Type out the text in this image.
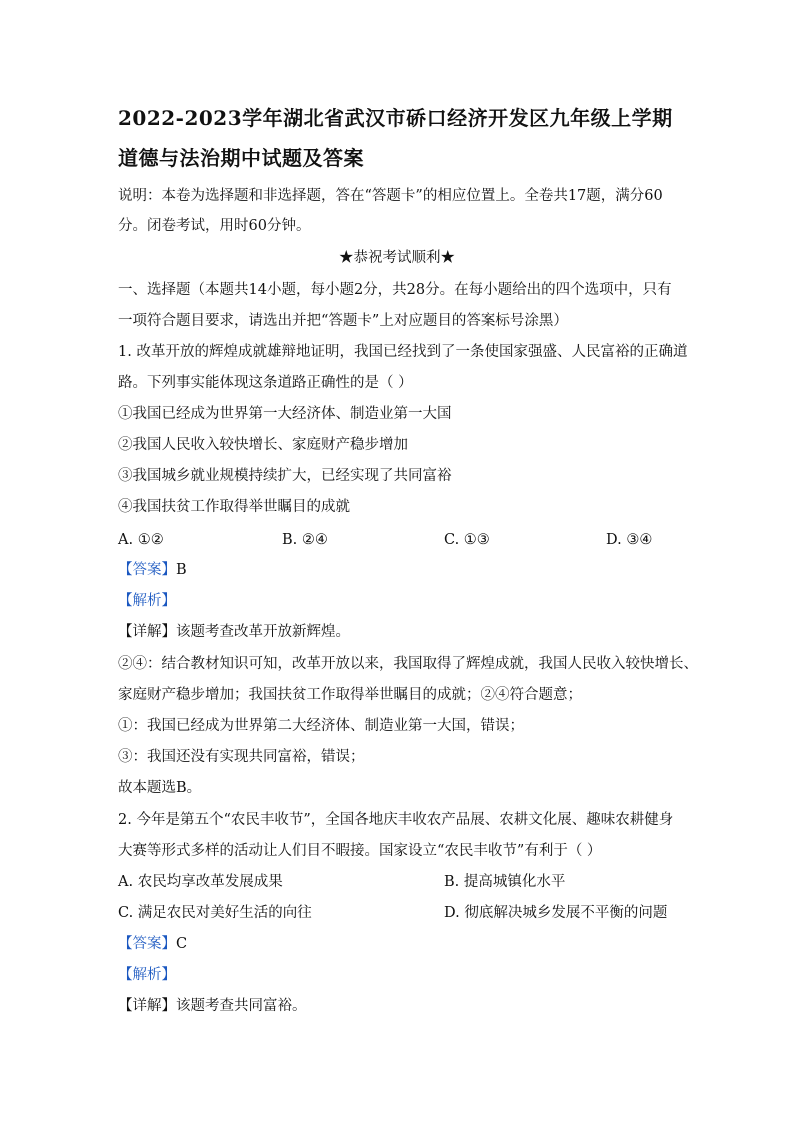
2022-2023学年湖北省武汉市硚口经济开发区九年级上学期
道德与法治期中试题及答案
说明：本卷为选择题和非选择题，答在“答题卡”的相应位置上。全卷共17题，满分60
分。闭卷考试，用时60分钟。
★恭祝考试顺利★
一、选择题（本题共14小题，每小题2分，共28分。在每小题给出的四个选项中，只有
一项符合题目要求，请选出并把“答题卡”上对应题目的答案标号涂黑）
1. 改革开放的辉煌成就雄辩地证明，我国已经找到了一条使国家强盛、人民富裕的正确道
路。下列事实能体现这条道路正确性的是（ ）
①我国已经成为世界第一大经济体、制造业第一大国
②我国人民收入较快增长、家庭财产稳步增加
③我国城乡就业规模持续扩大，已经实现了共同富裕
④我国扶贫工作取得举世瞩目的成就
A. ①②	B. ②④	C. ①③	D. ③④
【答案】B
【解析】
【详解】该题考查改革开放新辉煌。
②④：结合教材知识可知，改革开放以来，我国取得了辉煌成就，我国人民收入较快增长、
家庭财产稳步增加；我国扶贫工作取得举世瞩目的成就；②④符合题意；
①：我国已经成为世界第二大经济体、制造业第一大国，错误；
③：我国还没有实现共同富裕，错误；
故本题选B。
2. 今年是第五个“农民丰收节”，全国各地庆丰收农产品展、农耕文化展、趣味农耕健身
大赛等形式多样的活动让人们目不暇接。国家设立“农民丰收节”有利于（ ）
A. 农民均享改革发展成果	B. 提高城镇化水平
C. 满足农民对美好生活的向往	D. 彻底解决城乡发展不平衡的问题
【答案】C
【解析】
【详解】该题考查共同富裕。
